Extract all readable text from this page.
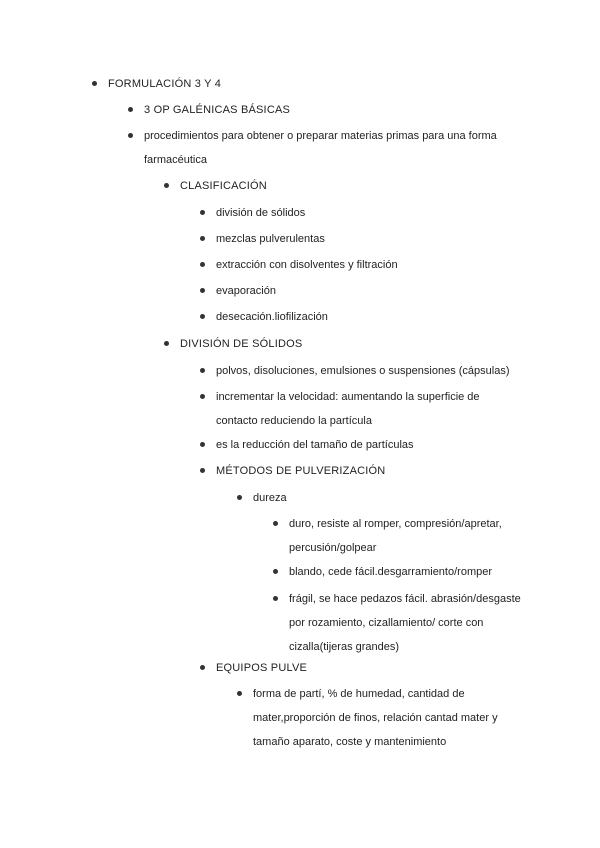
FORMULACIÓN 3 Y 4
3 OP GALÉNICAS BÁSICAS
procedimientos para obtener o preparar materias primas para una forma
farmacéutica
CLASIFICACIÓN
división de sólidos
mezclas pulverulentas
extracción con disolventes y filtración
evaporación
desecación.liofilización
DIVISIÓN DE SÓLIDOS
polvos, disoluciones, emulsiones o suspensiones (cápsulas)
incrementar la velocidad: aumentando la superficie de
contacto reduciendo la partícula
es la reducción del tamaño de partículas
MÉTODOS DE PULVERIZACIÓN
dureza
duro, resiste al romper, compresión/apretar,
percusión/golpear
blando, cede fácil.desgarramiento/romper
frágil, se hace pedazos fácil. abrasión/desgaste
por rozamiento, cizallamiento/ corte con
cizalla(tijeras grandes)
EQUIPOS PULVE
forma de partí, % de humedad, cantidad de
mater,proporción de finos, relación cantad mater y
tamaño aparato, coste y mantenimiento
